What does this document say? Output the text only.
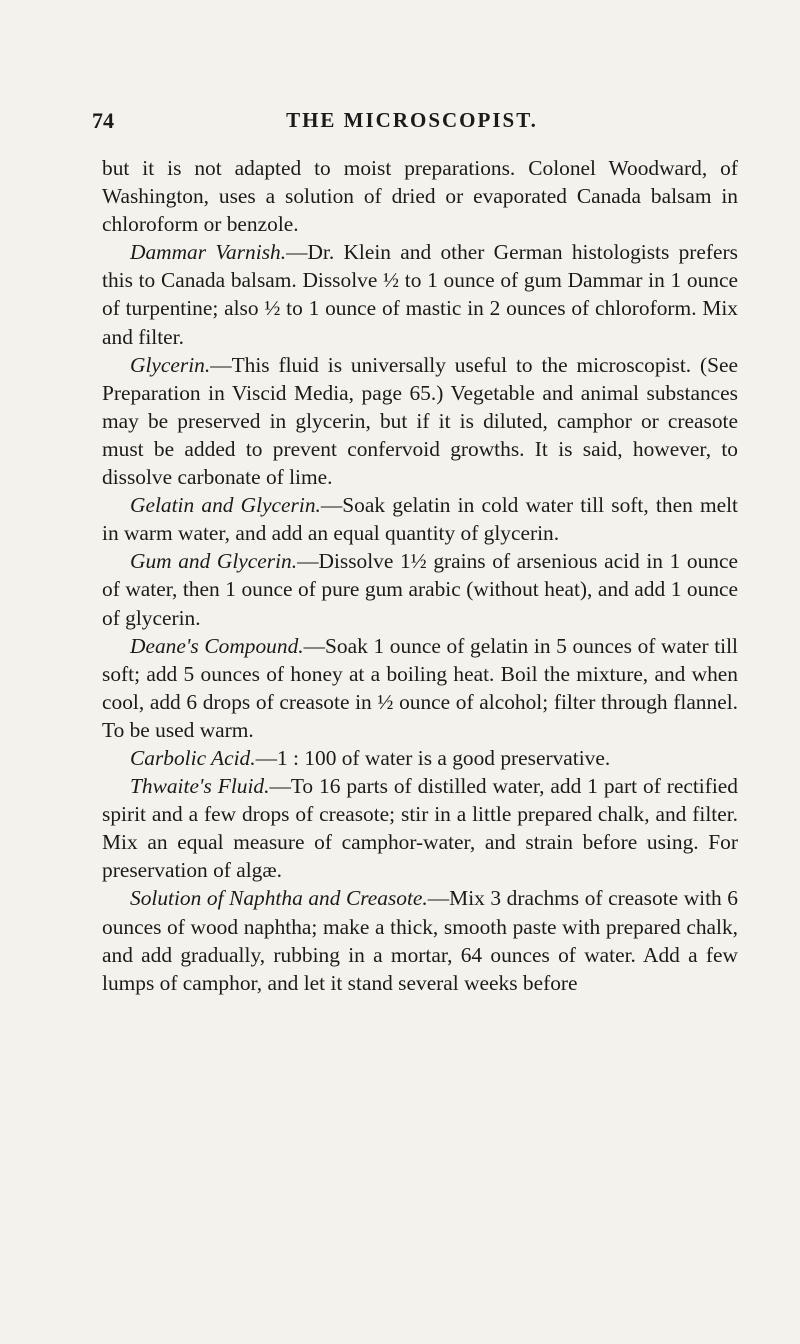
74	THE MICROSCOPIST.

but it is not adapted to moist preparations. Colonel Woodward, of Washington, uses a solution of dried or evaporated Canada balsam in chloroform or benzole.

Dammar Varnish.—Dr. Klein and other German histologists prefers this to Canada balsam. Dissolve ½ to 1 ounce of gum Dammar in 1 ounce of turpentine; also ½ to 1 ounce of mastic in 2 ounces of chloroform. Mix and filter.

Glycerin.—This fluid is universally useful to the microscopist. (See Preparation in Viscid Media, page 65.) Vegetable and animal substances may be preserved in glycerin, but if it is diluted, camphor or creasote must be added to prevent confervoid growths. It is said, however, to dissolve carbonate of lime.

Gelatin and Glycerin.—Soak gelatin in cold water till soft, then melt in warm water, and add an equal quantity of glycerin.

Gum and Glycerin.—Dissolve 1½ grains of arsenious acid in 1 ounce of water, then 1 ounce of pure gum arabic (without heat), and add 1 ounce of glycerin.

Deane's Compound.—Soak 1 ounce of gelatin in 5 ounces of water till soft; add 5 ounces of honey at a boiling heat. Boil the mixture, and when cool, add 6 drops of creasote in ½ ounce of alcohol; filter through flannel. To be used warm.

Carbolic Acid.—1 : 100 of water is a good preservative.

Thwaite's Fluid.—To 16 parts of distilled water, add 1 part of rectified spirit and a few drops of creasote; stir in a little prepared chalk, and filter. Mix an equal measure of camphor-water, and strain before using. For preservation of algæ.

Solution of Naphtha and Creasote.—Mix 3 drachms of creasote with 6 ounces of wood naphtha; make a thick, smooth paste with prepared chalk, and add gradually, rubbing in a mortar, 64 ounces of water. Add a few lumps of camphor, and let it stand several weeks before
